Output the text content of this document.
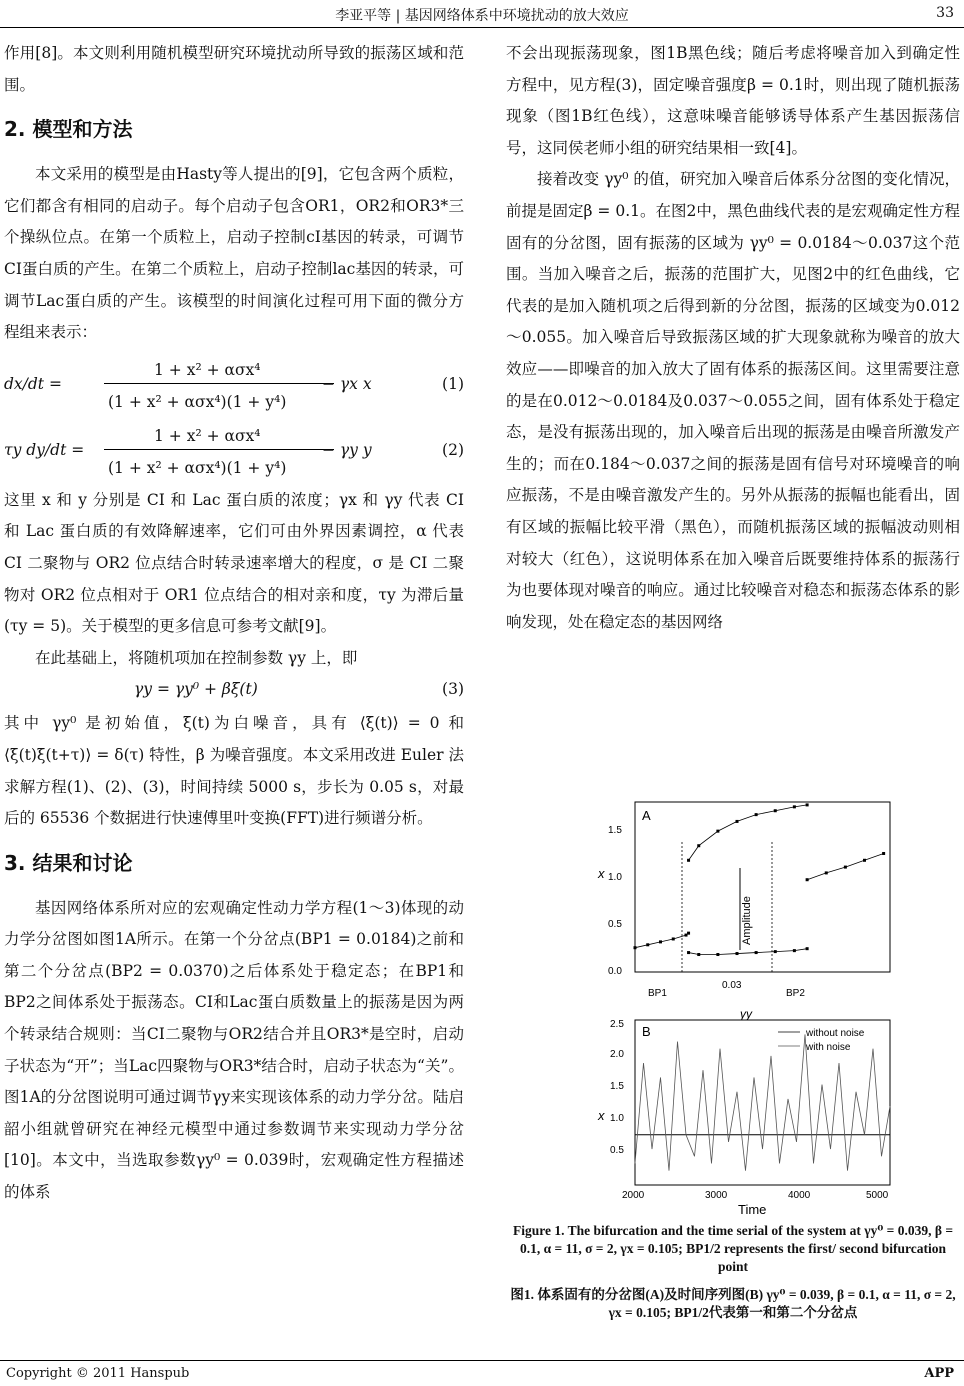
李亚平等 | 基因网络体系中环境扰动的放大效应	33

作用[8]。本文则利用随机模型研究环境扰动所导致的振荡区域和范围。

2. 模型和方法

本文采用的模型是由Hasty等人提出的[9]，它包含两个质粒，它们都含有相同的启动子。每个启动子包含OR1，OR2和OR3*三个操纵位点。在第一个质粒上，启动子控制cI基因的转录，可调节CI蛋白质的产生。在第二个质粒上，启动子控制lac基因的转录，可调节Lac蛋白质的产生。该模型的时间演化过程可用下面的微分方程组来表示：

dx/dt =
1 + x² + ασx⁴
(1 + x² + ασx⁴)(1 + y⁴)
− γx x	(1)
τy dy/dt =
1 + x² + ασx⁴
(1 + x² + ασx⁴)(1 + y⁴)
− γy y	(2)

这里 x 和 y 分别是 CI 和 Lac 蛋白质的浓度；γx 和 γy 代表 CI 和 Lac 蛋白质的有效降解速率，它们可由外界因素调控，α 代表 CI 二聚物与 OR2 位点结合时转录速率增大的程度，σ 是 CI 二聚物对 OR2 位点相对于 OR1 位点结合的相对亲和度，τy 为滞后量(τy = 5)。关于模型的更多信息可参考文献[9]。

在此基础上，将随机项加在控制参数 γy 上，即

γy = γy⁰ + βξ(t)	(3)

其中 γy⁰ 是初始值，ξ(t)为白噪音，具有 ⟨ξ(t)⟩ = 0 和 ⟨ξ(t)ξ(t+τ)⟩ = δ(τ) 特性，β 为噪音强度。本文采用改进 Euler 法求解方程(1)、(2)、(3)，时间持续 5000 s，步长为 0.05 s，对最后的 65536 个数据进行快速傅里叶变换(FFT)进行频谱分析。

3. 结果和讨论

基因网络体系所对应的宏观确定性动力学方程(1～3)体现的动力学分岔图如图1A所示。在第一个分岔点(BP1 = 0.0184)之前和第二个分岔点(BP2 = 0.0370)之后体系处于稳定态；在BP1和BP2之间体系处于振荡态。CI和Lac蛋白质数量上的振荡是因为两个转录结合规则：当CI二聚物与OR2结合并且OR3*是空时，启动子状态为“开”；当Lac四聚物与OR3*结合时，启动子状态为“关”。图1A的分岔图说明可通过调节γy来实现该体系的动力学分岔。陆启韶小组就曾研究在神经元模型中通过参数调节来实现动力学分岔[10]。本文中，当选取参数γy⁰ = 0.039时，宏观确定性方程描述的体系

不会出现振荡现象，图1B黑色线；随后考虑将噪音加入到确定性方程中，见方程(3)，固定噪音强度β = 0.1时，则出现了随机振荡现象（图1B红色线），这意味噪音能够诱导体系产生基因振荡信号，这同侯老师小组的研究结果相一致[4]。

接着改变 γy⁰ 的值，研究加入噪音后体系分岔图的变化情况，前提是固定β = 0.1。在图2中，黑色曲线代表的是宏观确定性方程固有的分岔图，固有振荡的区域为 γy⁰ = 0.0184～0.037这个范围。当加入噪音之后，振荡的范围扩大，见图2中的红色曲线，它代表的是加入随机项之后得到新的分岔图，振荡的区域变为0.012～0.055。加入噪音后导致振荡区域的扩大现象就称为噪音的放大效应——即噪音的加入放大了固有体系的振荡区间。这里需要注意的是在0.012～0.0184及0.037～0.055之间，固有体系处于稳定态，是没有振荡出现的，加入噪音后出现的振荡是由噪音所激发产生的；而在0.184～0.037之间的振荡是固有信号对环境噪音的响应振荡，不是由噪音激发产生的。另外从振荡的振幅也能看出，固有区域的振幅比较平滑（黑色），而随机振荡区域的振幅波动则相对较大（红色），这说明体系在加入噪音后既要维持体系的振荡行为也要体现对噪音的响应。通过比较噪音对稳态和振荡态体系的影响发现，处在稳定态的基因网络

A
x
0.0
0.5
1.0
1.5
0.03
BP1	BP2
γy
Amplitude
B
x
0.5
1.0
1.5
2.0
2.5
2000	3000	4000	5000
Time
without noise
with noise
Figure 1. The bifurcation and the time serial of the system at γy⁰ = 0.039, β = 0.1, α = 11, σ = 2, γx = 0.105; BP1/2 represents the first/ second bifurcation point
图1. 体系固有的分岔图(A)及时间序列图(B) γy⁰ = 0.039, β = 0.1, α = 11, σ = 2, γx = 0.105; BP1/2代表第一和第二个分岔点
Copyright © 2011 Hanspub	APP
